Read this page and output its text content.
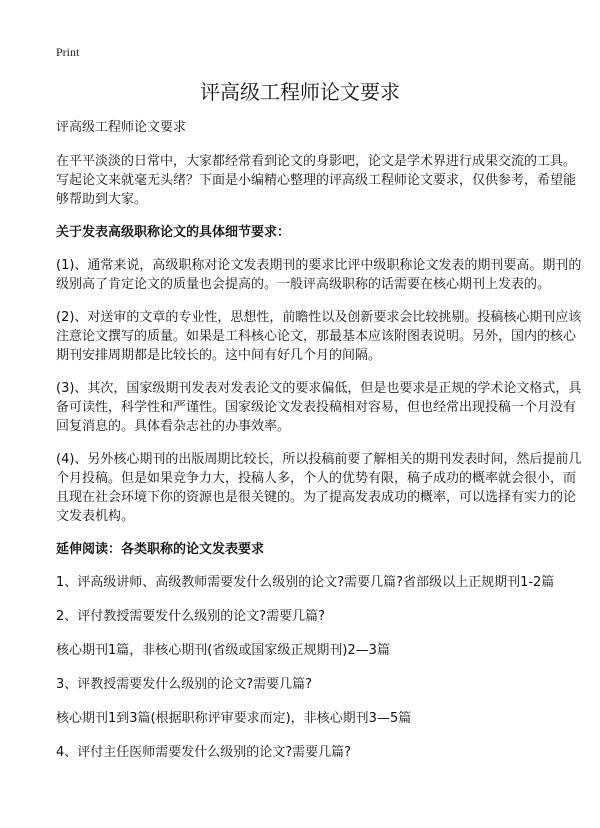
Print
评高级工程师论文要求

评高级工程师论文要求

在平平淡淡的日常中，大家都经常看到论文的身影吧，论文是学术界进行成果交流的工具。写起论文来就毫无头绪？下面是小编精心整理的评高级工程师论文要求，仅供参考，希望能够帮助到大家。

关于发表高级职称论文的具体细节要求：

(1)、通常来说，高级职称对论文发表期刊的要求比评中级职称论文发表的期刊要高。期刊的级别高了肯定论文的质量也会提高的。一般评高级职称的话需要在核心期刊上发表的。

(2)、对送审的文章的专业性，思想性，前瞻性以及创新要求会比较挑剔。投稿核心期刊应该注意论文撰写的质量。如果是工科核心论文，那最基本应该附图表说明。另外，国内的核心期刊安排周期都是比较长的。这中间有好几个月的间隔。

(3)、其次，国家级期刊发表对发表论文的要求偏低，但是也要求是正规的学术论文格式，具备可读性，科学性和严谨性。国家级论文发表投稿相对容易，但也经常出现投稿一个月没有回复消息的。具体看杂志社的办事效率。

(4)、另外核心期刊的出版周期比较长，所以投稿前要了解相关的期刊发表时间，然后提前几个月投稿。但是如果竞争力大，投稿人多，个人的优势有限，稿子成功的概率就会很小，而且现在社会环境下你的资源也是很关键的。为了提高发表成功的概率，可以选择有实力的论文发表机构。

延伸阅读：各类职称的论文发表要求

1、评高级讲师、高级教师需要发什么级别的论文?需要几篇?省部级以上正规期刊1-2篇

2、评付教授需要发什么级别的论文?需要几篇?

核心期刊1篇，非核心期刊(省级或国家级正规期刊)2—3篇

3、评教授需要发什么级别的论文?需要几篇?

核心期刊1到3篇(根据职称评审要求而定)，非核心期刊3—5篇

4、评付主任医师需要发什么级别的论文?需要几篇?
